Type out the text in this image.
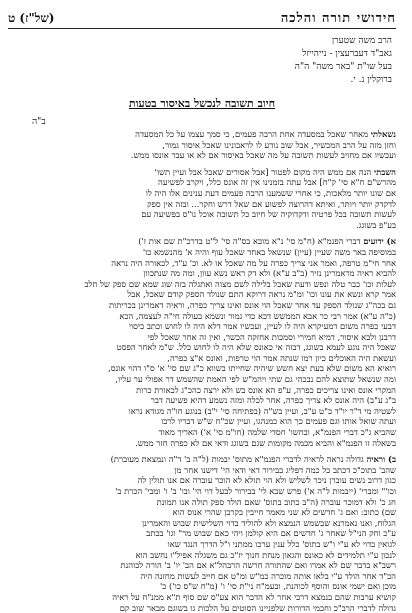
חידושי תורה והלכה
(של"ז) ט
הרב משה שטערן
גאב"ד דעברעצין - נייהייזל
בעל שו"ת "באר משה" ה"ה
ברוקלין נ. י.
חיוב תשובה לנכשל באיסור בטעות
ב"ה
נשאלתי מאחר שאכל במסעדה אחת הרבה פעמים, כי סמך עצמו על כל המסעדה
וחזן מזה על הרב המכשיר, אבל שוב נודע לו לראבונינו שאכל איסור גמור,
ועכשיו אם מחויב לעשות תשובה על מה שאכל באיסור אם לא או עבר אונסו ממש.
השבתי הנה אם ממש היה מקום לפטור [אבל אסורים שאכל אבל ועיין תשו'
מהרש"ם ח"א סי' ק"ח] אבל עתה בזמנינו אין זה אונס כלל, ויקרב לפשיעה
אם שונו יותר מלאכות, כי אחרי ששמענו הרבה פעמים דעת ענינים אלו היה לו
לדקדק יותר ויותר, ואיתא דהרוצה לפשוע אם שאל דרש וחקר... ובזה אין ספק
לעשות תשובה בכל פרטיה ודקדוקיה של חיוב כל תשובה אוכל נו"ס בפשיעה עם
בע"פ בשוגג.
א) ידועים דברי הפנמ"א (ח"מ סי' נ"א מובא בס"ה סי' ל"ט בדרכ"ת שם אות ז')
במוסיפה באר משה שעיין (עיין) שנשאל באחד שאכל עוף והיה א' מהנשמא כו'
אחר חי"מ טרפה, ואמר אני צריך כפרה על מה שאכל או לא. וכ' ע"ד, לכאורה היה נראה
להביא ראיה מראמרינן נזיר (ב"ב ע"א) ולא דק ראש נשא עוון, ומה מה שנתכוון
לעלות וכו' כבר טלה ונפש ודעת שאכל בלילה לשם מצוה ואתגלה בזה שוג שמא שם ספק של חלב
אמר קרא ונשא את עונו וכו' ומ"מ נראה דרוקא התם שנולד הספק קודם שאכל, אבל
גם בכה"ג שנולד הספק עד אחר שאכל הוי אונס ואינו צריך כפרה, וראיה דאמרינן בכריתות
(כ"ה ע"א) אמר רבי כר אבא הממשש דכא כדי גמור ונשמא בעולה חי"ה לעצמה, הכא
דבעי כפרה משום דמעיקרא היה לו לעיין, ועכשיו אמר דלא היה לו לחוש וכתב כיסוי
דרבנן ולבא איסור, דמיא חמירי וסמכות אחזקה הכשר, ואין זה אחר שאכל לפי
שאכל היה נוגע לעמא בשוגג, דבזה אי כאונס שלא היה לו לחוש כלל. ש"מ לאחר הפסט
ועשאת היה האוכלים כיון רמו שנתה אמר הוי טרפות, ואונס א"צ כפרה,
רואיא הא משום שלא בעת יצא חשש שיהיה שחייתו בשווא כ"ג שם סי' א' ס"ו דהוי אונס,
ומה שנשאל שתוצא להם נבכהי גם שתי ויהמ"ש לפי האמת שהשמש דר אפולי ער עליו,
המקרי אונס ואינו צריכים כפרה, ע"פ הא אונס בש ולא ירצה כהכ"ג לכאורת כרות
ב"ג ע"ב) היה אונס לא צריך כפרה, אחר לכלה ומזה נשמע דהיא פשיעה דבר
לשטיה מי ד"ר יו"ד כ"ט ע"ב, ועיין בש"ה (בפתיחה סי' י"ב) בנוגע חו"ה מגודא נראו
ועתה שואל אותו וגם פעמים כך הוא כמנהגו, ועיין שכ"ח ש"ש דבריו לרבו
שהביא ג"כ דברי הפנמ"א, ובחשו' חסדי שלמה (חו"מ סי' א') האריך מאוד
בשאלה זו הפנמ"א והביא מכמה מקומות שגם בשוגג ודאי אם לא כפרה חזר ממש.
ב) וראיה גדולה נראה לראיה לדברי הפנמ"א מתוס' יבמות (ל"ה ב' ד"ה ונמצאת מעוברת)
שהב' בתוכ"כ דכתב כל כמה דפליג בבירור דאי ודאי הי' דישנו אחר מן
כגון דרוב נשים עוברן ניכר לשליש ולא הוי תולא לא הוכר עוברה אם אנו תולין לה
וכו'" ומברי' (ייבמות ל"ה א') פרש שבא לי' בבירור לבעל דוי הי' ובו' ב' ו' ומבי' הכרת ב'
חג כ' ולא דמוכר עוברה (ה"ב כתוב בתוס' שאם הולד ספק תולה אנו תמונת
שם) כתוב: ואם ג' חדשים לא שני מאמר חייבין בקרבן שהרי אנוס הוא
הגלוח, ואנו נאמרנא שבשמש הנמצא ולא להוליד בדוי השלישית שבוש והאמרינן
ע"כ וחק הני"ל שאחר ג' חדשים אם היא קולמן ויהי כאם שבוש מר" וגו' בכתב
לגואין בדוי לא ע"י ו"ש בתוס' כלל ענין ערכו ממתני ו"ל הדרך הנגד שאו
לנכון ע"י תלמידים לא כאונס והגאון מנחת חנוך יז"כ גם משגלה אפיל"ו נחשב הוא
רשב"א בדבר שם לא אמרו ואם שהתורה חרשה הרבהל"א אם הב' יו' ב' הורה לכוהנת
הכ"ד אחר הולד ע"י בלאו אותה מוכרה כמ"ש ומ"ט אם חייב לעשות מחזנה היה
מוכן ואם ישמי אונס והוסף לכוהנת, ובעמ"ח ני"ת סי' ו' (מ"ח ש"ס כו') כ'
קושיא ערבות שהם בנמצא דרבי אחר לא הדבר הוא צע"ס שם סוף ת"א ממנ"ח על ראיה
גדולה לדברי הרב"כ וחכמי הדורות שלפניינו הסוטים על הלכות גו בשוגם מבאר שוב קם
